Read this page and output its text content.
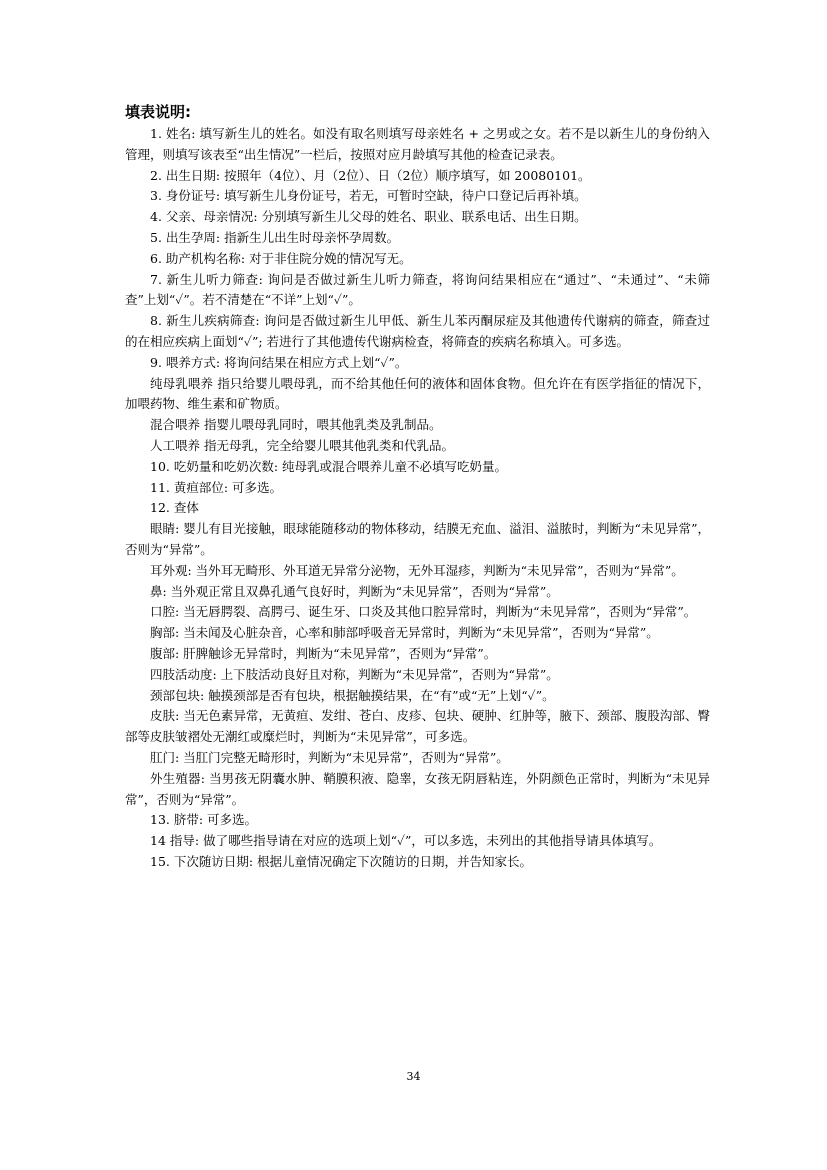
填表说明:

1. 姓名: 填写新生儿的姓名。如没有取名则填写母亲姓名 + 之男或之女。若不是以新生儿的身份纳入管理，则填写该表至“出生情况”一栏后，按照对应月龄填写其他的检查记录表。

2. 出生日期: 按照年（4位）、月（2位）、日（2位）顺序填写，如 20080101。

3. 身份证号: 填写新生儿身份证号，若无，可暂时空缺，待户口登记后再补填。

4. 父亲、母亲情况: 分别填写新生儿父母的姓名、职业、联系电话、出生日期。

5. 出生孕周: 指新生儿出生时母亲怀孕周数。

6. 助产机构名称: 对于非住院分娩的情况写无。

7. 新生儿听力筛查: 询问是否做过新生儿听力筛查，将询问结果相应在“通过”、“未通过”、“未筛查”上划“✓”。若不清楚在“不详”上划“✓”。

8. 新生儿疾病筛查: 询问是否做过新生儿甲低、新生儿苯丙酮尿症及其他遗传代谢病的筛查，筛查过的在相应疾病上面划“✓”; 若进行了其他遗传代谢病检查，将筛查的疾病名称填入。可多选。

9. 喂养方式: 将询问结果在相应方式上划“✓”。

纯母乳喂养 指只给婴儿喂母乳，而不给其他任何的液体和固体食物。但允许在有医学指征的情况下，加喂药物、维生素和矿物质。

混合喂养 指婴儿喂母乳同时，喂其他乳类及乳制品。

人工喂养 指无母乳，完全给婴儿喂其他乳类和代乳品。

10. 吃奶量和吃奶次数: 纯母乳或混合喂养儿童不必填写吃奶量。

11. 黄疸部位: 可多选。

12. 查体

眼睛: 婴儿有目光接触，眼球能随移动的物体移动，结膜无充血、溢泪、溢脓时，判断为“未见异常”，否则为“异常”。

耳外观: 当外耳无畸形、外耳道无异常分泌物，无外耳湿疹，判断为“未见异常”，否则为“异常”。

鼻: 当外观正常且双鼻孔通气良好时，判断为“未见异常”，否则为“异常”。

口腔: 当无唇腭裂、高腭弓、诞生牙、口炎及其他口腔异常时，判断为“未见异常”，否则为“异常”。

胸部: 当未闻及心脏杂音，心率和肺部呼吸音无异常时，判断为“未见异常”，否则为“异常”。

腹部: 肝脾触诊无异常时，判断为“未见异常”，否则为“异常”。

四肢活动度: 上下肢活动良好且对称，判断为“未见异常”，否则为“异常”。

颈部包块: 触摸颈部是否有包块，根据触摸结果，在“有”或“无”上划“✓”。

皮肤: 当无色素异常，无黄疸、发绀、苍白、皮疹、包块、硬肿、红肿等，腋下、颈部、腹股沟部、臀部等皮肤皱褶处无潮红或糜烂时，判断为“未见异常”，可多选。

肛门: 当肛门完整无畸形时，判断为“未见异常”，否则为“异常”。

外生殖器: 当男孩无阴囊水肿、鞘膜积液、隐睾，女孩无阴唇粘连，外阴颜色正常时，判断为“未见异常”，否则为“异常”。

13. 脐带: 可多选。

14 指导: 做了哪些指导请在对应的选项上划“✓”，可以多选，未列出的其他指导请具体填写。

15. 下次随访日期: 根据儿童情况确定下次随访的日期，并告知家长。

34
